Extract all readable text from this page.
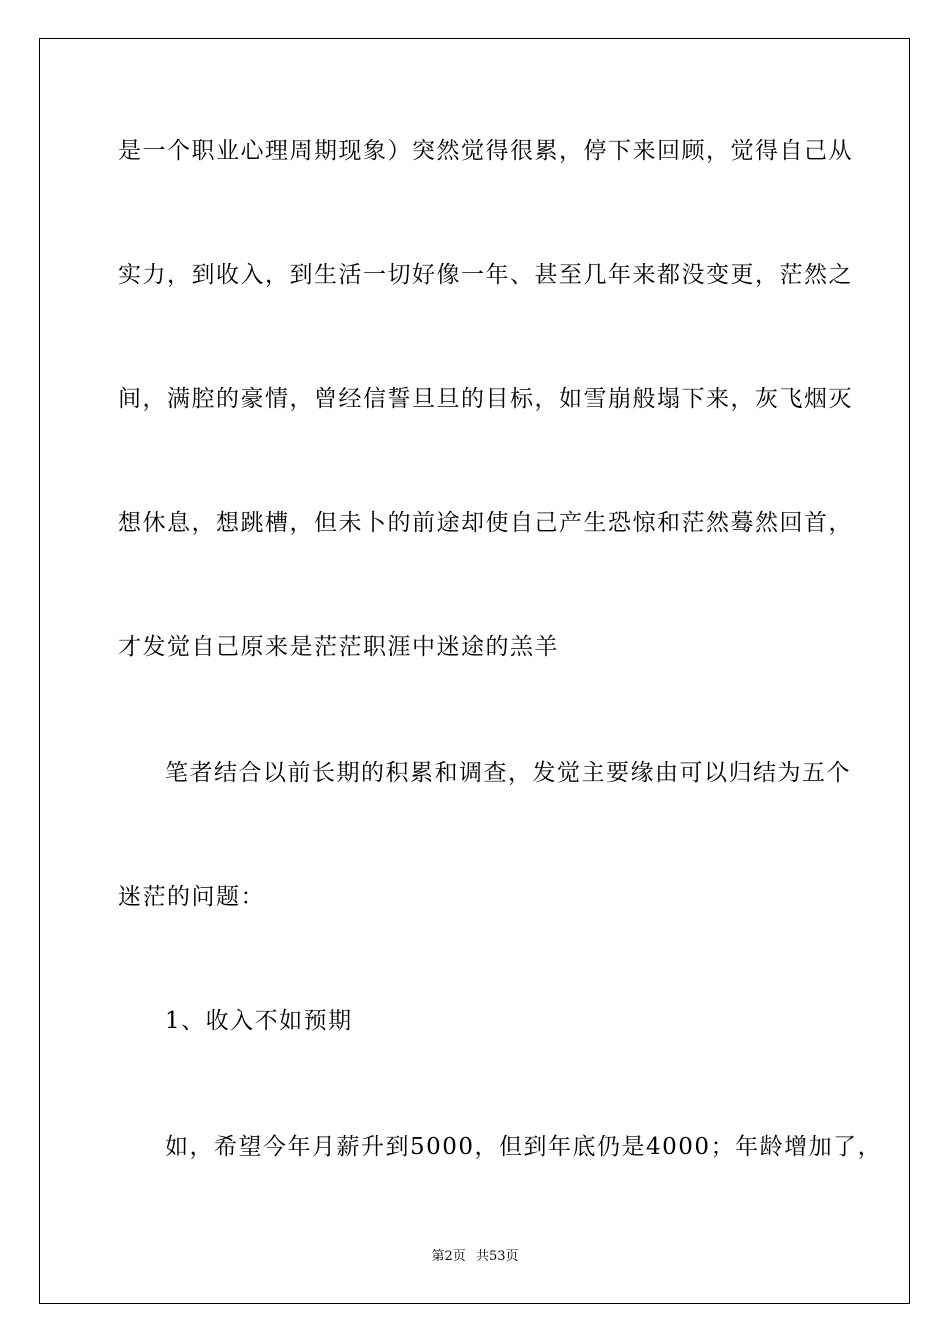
是一个职业心理周期现象）突然觉得很累，停下来回顾，觉得自己从
实力，到收入，到生活一切好像一年、甚至几年来都没变更，茫然之
间，满腔的豪情，曾经信誓旦旦的目标，如雪崩般塌下来，灰飞烟灭
想休息，想跳槽，但未卜的前途却使自己产生恐惊和茫然蓦然回首，
才发觉自己原来是茫茫职涯中迷途的羔羊
笔者结合以前长期的积累和调查，发觉主要缘由可以归结为五个
迷茫的问题：
1、收入不如预期
如，希望今年月薪升到5000，但到年底仍是4000；年龄增加了，
第2页 共53页
